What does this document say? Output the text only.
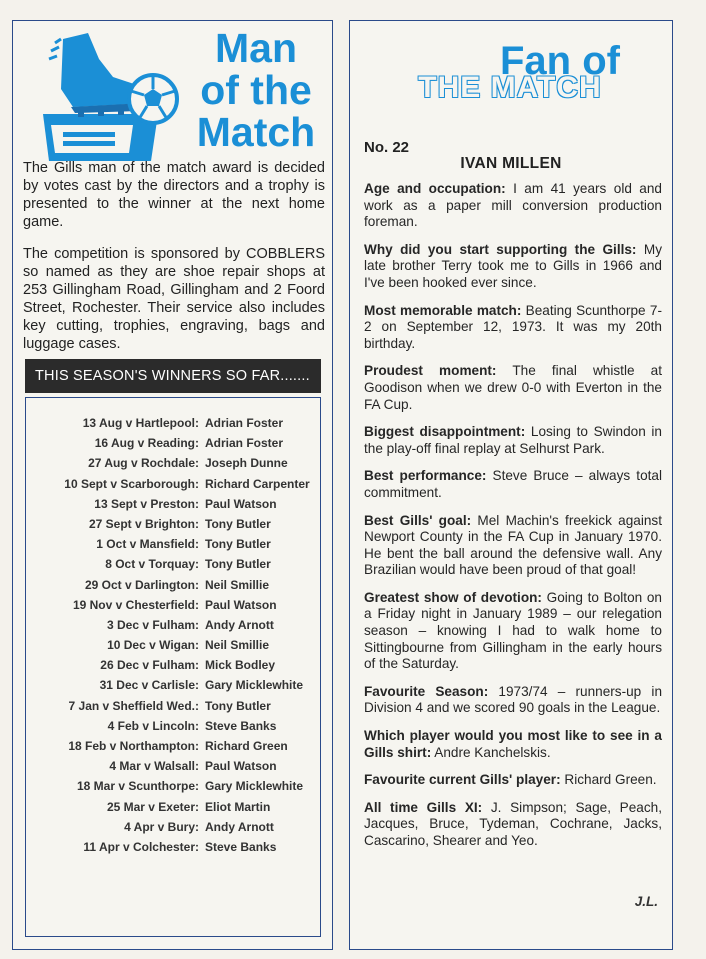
Man
of the
Match
The Gills man of the match award is decided by votes cast by the directors and a trophy is presented to the winner at the next home game.
The competition is sponsored by COBBLERS so named as they are shoe repair shops at 253 Gillingham Road, Gillingham and 2 Foord Street, Rochester. Their service also includes key cutting, trophies, engraving, bags and luggage cases.
THIS SEASON'S WINNERS SO FAR.......
13 Aug v Hartlepool: Adrian Foster
16 Aug v Reading: Adrian Foster
27 Aug v Rochdale: Joseph Dunne
10 Sept v Scarborough: Richard Carpenter
13 Sept v Preston: Paul Watson
27 Sept v Brighton: Tony Butler
1 Oct v Mansfield: Tony Butler
8 Oct v Torquay: Tony Butler
29 Oct v Darlington: Neil Smillie
19 Nov v Chesterfield: Paul Watson
3 Dec v Fulham: Andy Arnott
10 Dec v Wigan: Neil Smillie
26 Dec v Fulham: Mick Bodley
31 Dec v Carlisle: Gary Micklewhite
7 Jan v Sheffield Wed.: Tony Butler
4 Feb v Lincoln: Steve Banks
18 Feb v Northampton: Richard Green
4 Mar v Walsall: Paul Watson
18 Mar v Scunthorpe: Gary Micklewhite
25 Mar v Exeter: Eliot Martin
4 Apr v Bury: Andy Arnott
11 Apr v Colchester: Steve Banks
Fan of
THE MATCH
No. 22
IVAN MILLEN
Age and occupation: I am 41 years old and work as a paper mill conversion production foreman.
Why did you start supporting the Gills: My late brother Terry took me to Gills in 1966 and I've been hooked ever since.
Most memorable match: Beating Scunthorpe 7-2 on September 12, 1973. It was my 20th birthday.
Proudest moment: The final whistle at Goodison when we drew 0-0 with Everton in the FA Cup.
Biggest disappointment: Losing to Swindon in the play-off final replay at Selhurst Park.
Best performance: Steve Bruce – always total commitment.
Best Gills' goal: Mel Machin's freekick against Newport County in the FA Cup in January 1970. He bent the ball around the defensive wall. Any Brazilian would have been proud of that goal!
Greatest show of devotion: Going to Bolton on a Friday night in January 1989 – our relegation season – knowing I had to walk home to Sittingbourne from Gillingham in the early hours of the Saturday.
Favourite Season: 1973/74 – runners-up in Division 4 and we scored 90 goals in the League.
Which player would you most like to see in a Gills shirt: Andre Kanchelskis.
Favourite current Gills' player: Richard Green.
All time Gills XI: J. Simpson; Sage, Peach, Jacques, Bruce, Tydeman, Cochrane, Jacks, Cascarino, Shearer and Yeo.
J.L.
